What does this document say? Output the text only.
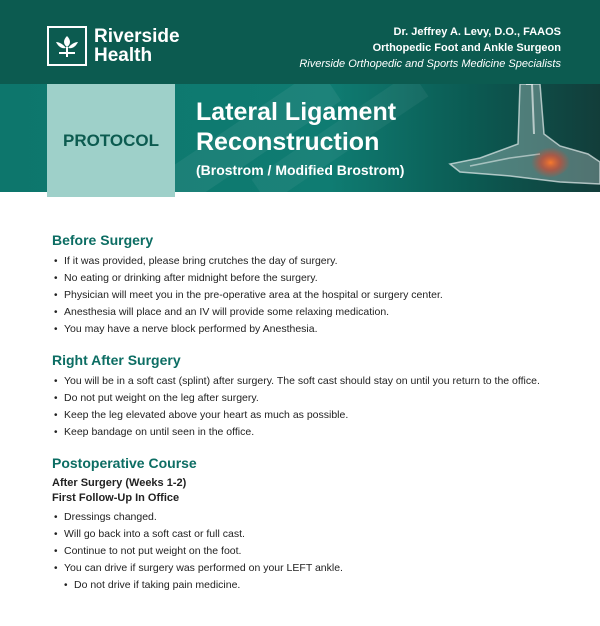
Riverside
Health
Dr. Jeffrey A. Levy, D.O., FAAOS
Orthopedic Foot and Ankle Surgeon
Riverside Orthopedic and Sports Medicine Specialists
PROTOCOL
Lateral Ligament
Reconstruction
(Brostrom / Modified Brostrom)
Before Surgery
• If it was provided, please bring crutches the day of surgery.
• No eating or drinking after midnight before the surgery.
• Physician will meet you in the pre-operative area at the hospital or surgery center.
• Anesthesia will place and an IV will provide some relaxing medication.
• You may have a nerve block performed by Anesthesia.
Right After Surgery
• You will be in a soft cast (splint) after surgery. The soft cast should stay on until you return to the office.
• Do not put weight on the leg after surgery.
• Keep the leg elevated above your heart as much as possible.
• Keep bandage on until seen in the office.
Postoperative Course
After Surgery (Weeks 1-2)
First Follow-Up In Office
• Dressings changed.
• Will go back into a soft cast or full cast.
• Continue to not put weight on the foot.
• You can drive if surgery was performed on your LEFT ankle.
• Do not drive if taking pain medicine.
